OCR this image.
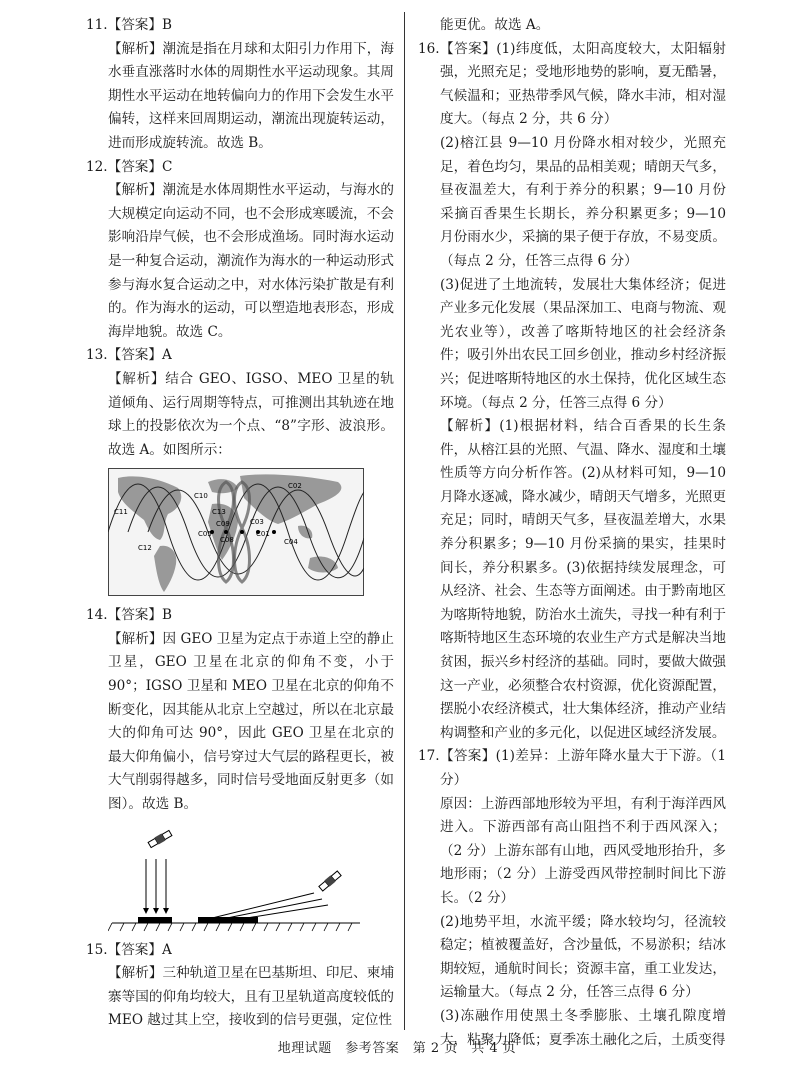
11.【答案】B

【解析】潮流是指在月球和太阳引力作用下，海水垂直涨落时水体的周期性水平运动现象。其周期性水平运动在地转偏向力的作用下会发生水平偏转，这样来回周期运动，潮流出现旋转运动，进而形成旋转流。故选 B。

12.【答案】C

【解析】潮流是水体周期性水平运动，与海水的大规模定向运动不同，也不会形成寒暖流，不会影响沿岸气候，也不会形成渔场。同时海水运动是一种复合运动，潮流作为海水的一种运动形式参与海水复合运动之中，对水体污染扩散是有利的。作为海水的运动，可以塑造地表形态，形成海岸地貌。故选 C。

13.【答案】A

【解析】结合 GEO、IGSO、MEO 卫星的轨道倾角、运行周期等特点，可推测出其轨迹在地球上的投影依次为一个点、“8”字形、波浪形。故选 A。如图所示：

C11
C10
C12
C13
C05
C09
C08
C03
C01
C04
C02

14.【答案】B

【解析】因 GEO 卫星为定点于赤道上空的静止卫星，GEO 卫星在北京的仰角不变，小于 90°；IGSO 卫星和 MEO 卫星在北京的仰角不断变化，因其能从北京上空越过，所以在北京最大的仰角可达 90°，因此 GEO 卫星在北京的最大仰角偏小，信号穿过大气层的路程更长，被大气削弱得越多，同时信号受地面反射更多（如图）。故选 B。

15.【答案】A

【解析】三种轨道卫星在巴基斯坦、印尼、柬埔寨等国的仰角均较大，且有卫星轨道高度较低的 MEO 越过其上空，接收到的信号更强，定位性

能更优。故选 A。

16.【答案】(1)纬度低，太阳高度较大，太阳辐射强，光照充足；受地形地势的影响，夏无酷暑，气候温和；亚热带季风气候，降水丰沛，相对湿度大。（每点 2 分，共 6 分）

(2)榕江县 9—10 月份降水相对较少，光照充足，着色均匀，果品的品相美观；晴朗天气多，昼夜温差大，有利于养分的积累；9—10 月份采摘百香果生长期长，养分积累更多；9—10 月份雨水少，采摘的果子便于存放，不易变质。（每点 2 分，任答三点得 6 分）

(3)促进了土地流转，发展壮大集体经济；促进产业多元化发展（果品深加工、电商与物流、观光农业等），改善了喀斯特地区的社会经济条件；吸引外出农民工回乡创业，推动乡村经济振兴；促进喀斯特地区的水土保持，优化区域生态环境。（每点 2 分，任答三点得 6 分）

【解析】(1)根据材料，结合百香果的长生条件，从榕江县的光照、气温、降水、湿度和土壤性质等方向分析作答。(2)从材料可知，9—10 月降水逐减，降水减少，晴朗天气增多，光照更充足；同时，晴朗天气多，昼夜温差增大，水果养分积累多；9—10 月份采摘的果实，挂果时间长，养分积累多。(3)依据持续发展理念，可从经济、社会、生态等方面阐述。由于黔南地区为喀斯特地貌，防治水土流失，寻找一种有利于喀斯特地区生态环境的农业生产方式是解决当地贫困，振兴乡村经济的基础。同时，要做大做强这一产业，必须整合农村资源，优化资源配置，摆脱小农经济模式，壮大集体经济，推动产业结构调整和产业的多元化，以促进区域经济发展。

17.【答案】(1)差异：上游年降水量大于下游。（1 分）

原因：上游西部地形较为平坦，有利于海洋西风进入。下游西部有高山阻挡不利于西风深入；（2 分）上游东部有山地，西风受地形抬升，多地形雨；（2 分）上游受西风带控制时间比下游长。（2 分）

(2)地势平坦，水流平缓；降水较均匀，径流较稳定；植被覆盖好，含沙量低，不易淤积；结冰期较短，通航时间长；资源丰富，重工业发达，运输量大。（每点 2 分，任答三点得 6 分）

(3)冻融作用使黑土冬季膨胀、土壤孔隙度增大，粘聚力降低；夏季冻土融化之后，土质变得

地理试题　参考答案　第 2 页　共 4 页
